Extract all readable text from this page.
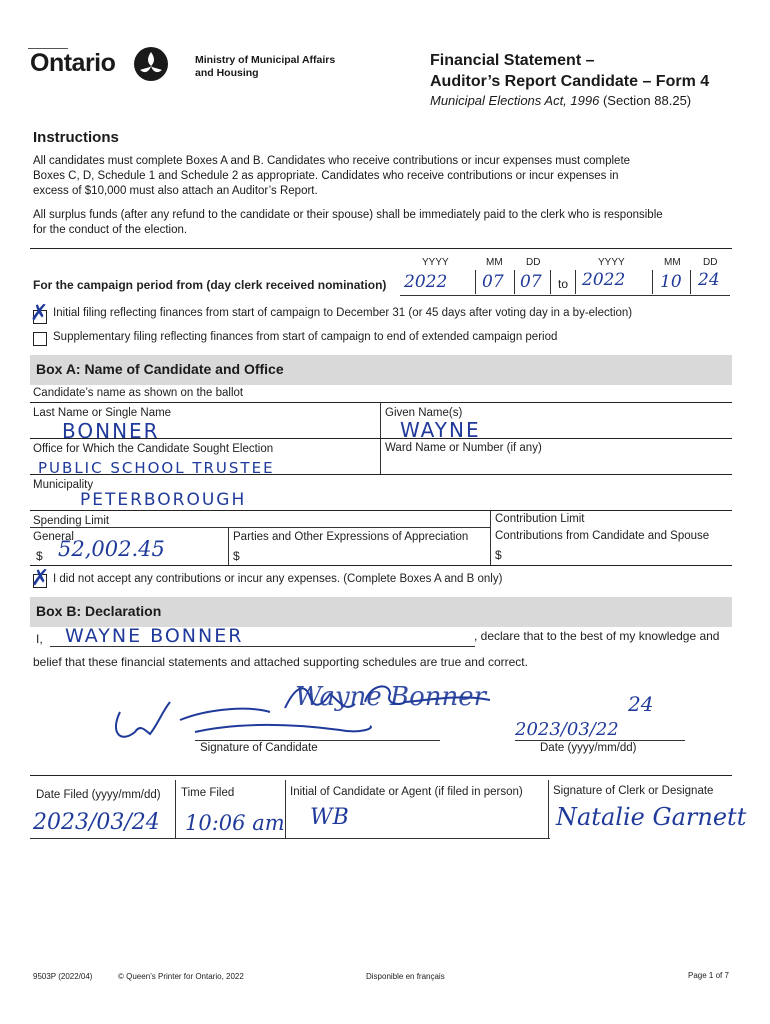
Ontario	Ministry of Municipal Affairs
and Housing
Financial Statement –
Auditor’s Report Candidate – Form 4
Municipal Elections Act, 1996 (Section 88.25)
Instructions
All candidates must complete Boxes A and B. Candidates who receive contributions or incur expenses must complete
Boxes C, D, Schedule 1 and Schedule 2 as appropriate. Candidates who receive contributions or incur expenses in
excess of $10,000 must also attach an Auditor’s Report.
All surplus funds (after any refund to the candidate or their spouse) shall be immediately paid to the clerk who is responsible
for the conduct of the election.
YYYY	MM DD	YYYY	MM DD
For the campaign period from (day clerk received nomination) 2022 07 07 to 2022 10 24
✗ Initial filing reflecting finances from start of campaign to December 31 (or 45 days after voting day in a by-election)
Supplementary filing reflecting finances from start of campaign to end of extended campaign period
Box A: Name of Candidate and Office
Candidate’s name as shown on the ballot
Last Name or Single Name
BONNER
Given Name(s)
WAYNE
Office for Which the Candidate Sought Election
PUBLIC SCHOOL TRUSTEE
Ward Name or Number (if any)
Municipality
PETERBOROUGH
Spending Limit
General
$ 52,002.45	Parties and Other Expressions of Appreciation
$
Contribution Limit
Contributions from Candidate and Spouse
$
✗ I did not accept any contributions or incur any expenses. (Complete Boxes A and B only)
Box B: Declaration
I, WAYNE BONNER	, declare that to the best of my knowledge and
belief that these financial statements and attached supporting schedules are true and correct.
Wayne Bonner
Signature of Candidate
2023/03/22
24
Date (yyyy/mm/dd)
Date Filed (yyyy/mm/dd)
2023/03/24
Time Filed
10:06 am
Initial of Candidate or Agent (if filed in person)
WB
Signature of Clerk or Designate
Natalie Garnett
9503P (2022/04)	© Queen’s Printer for Ontario, 2022	Disponible en français	Page 1 of 7
